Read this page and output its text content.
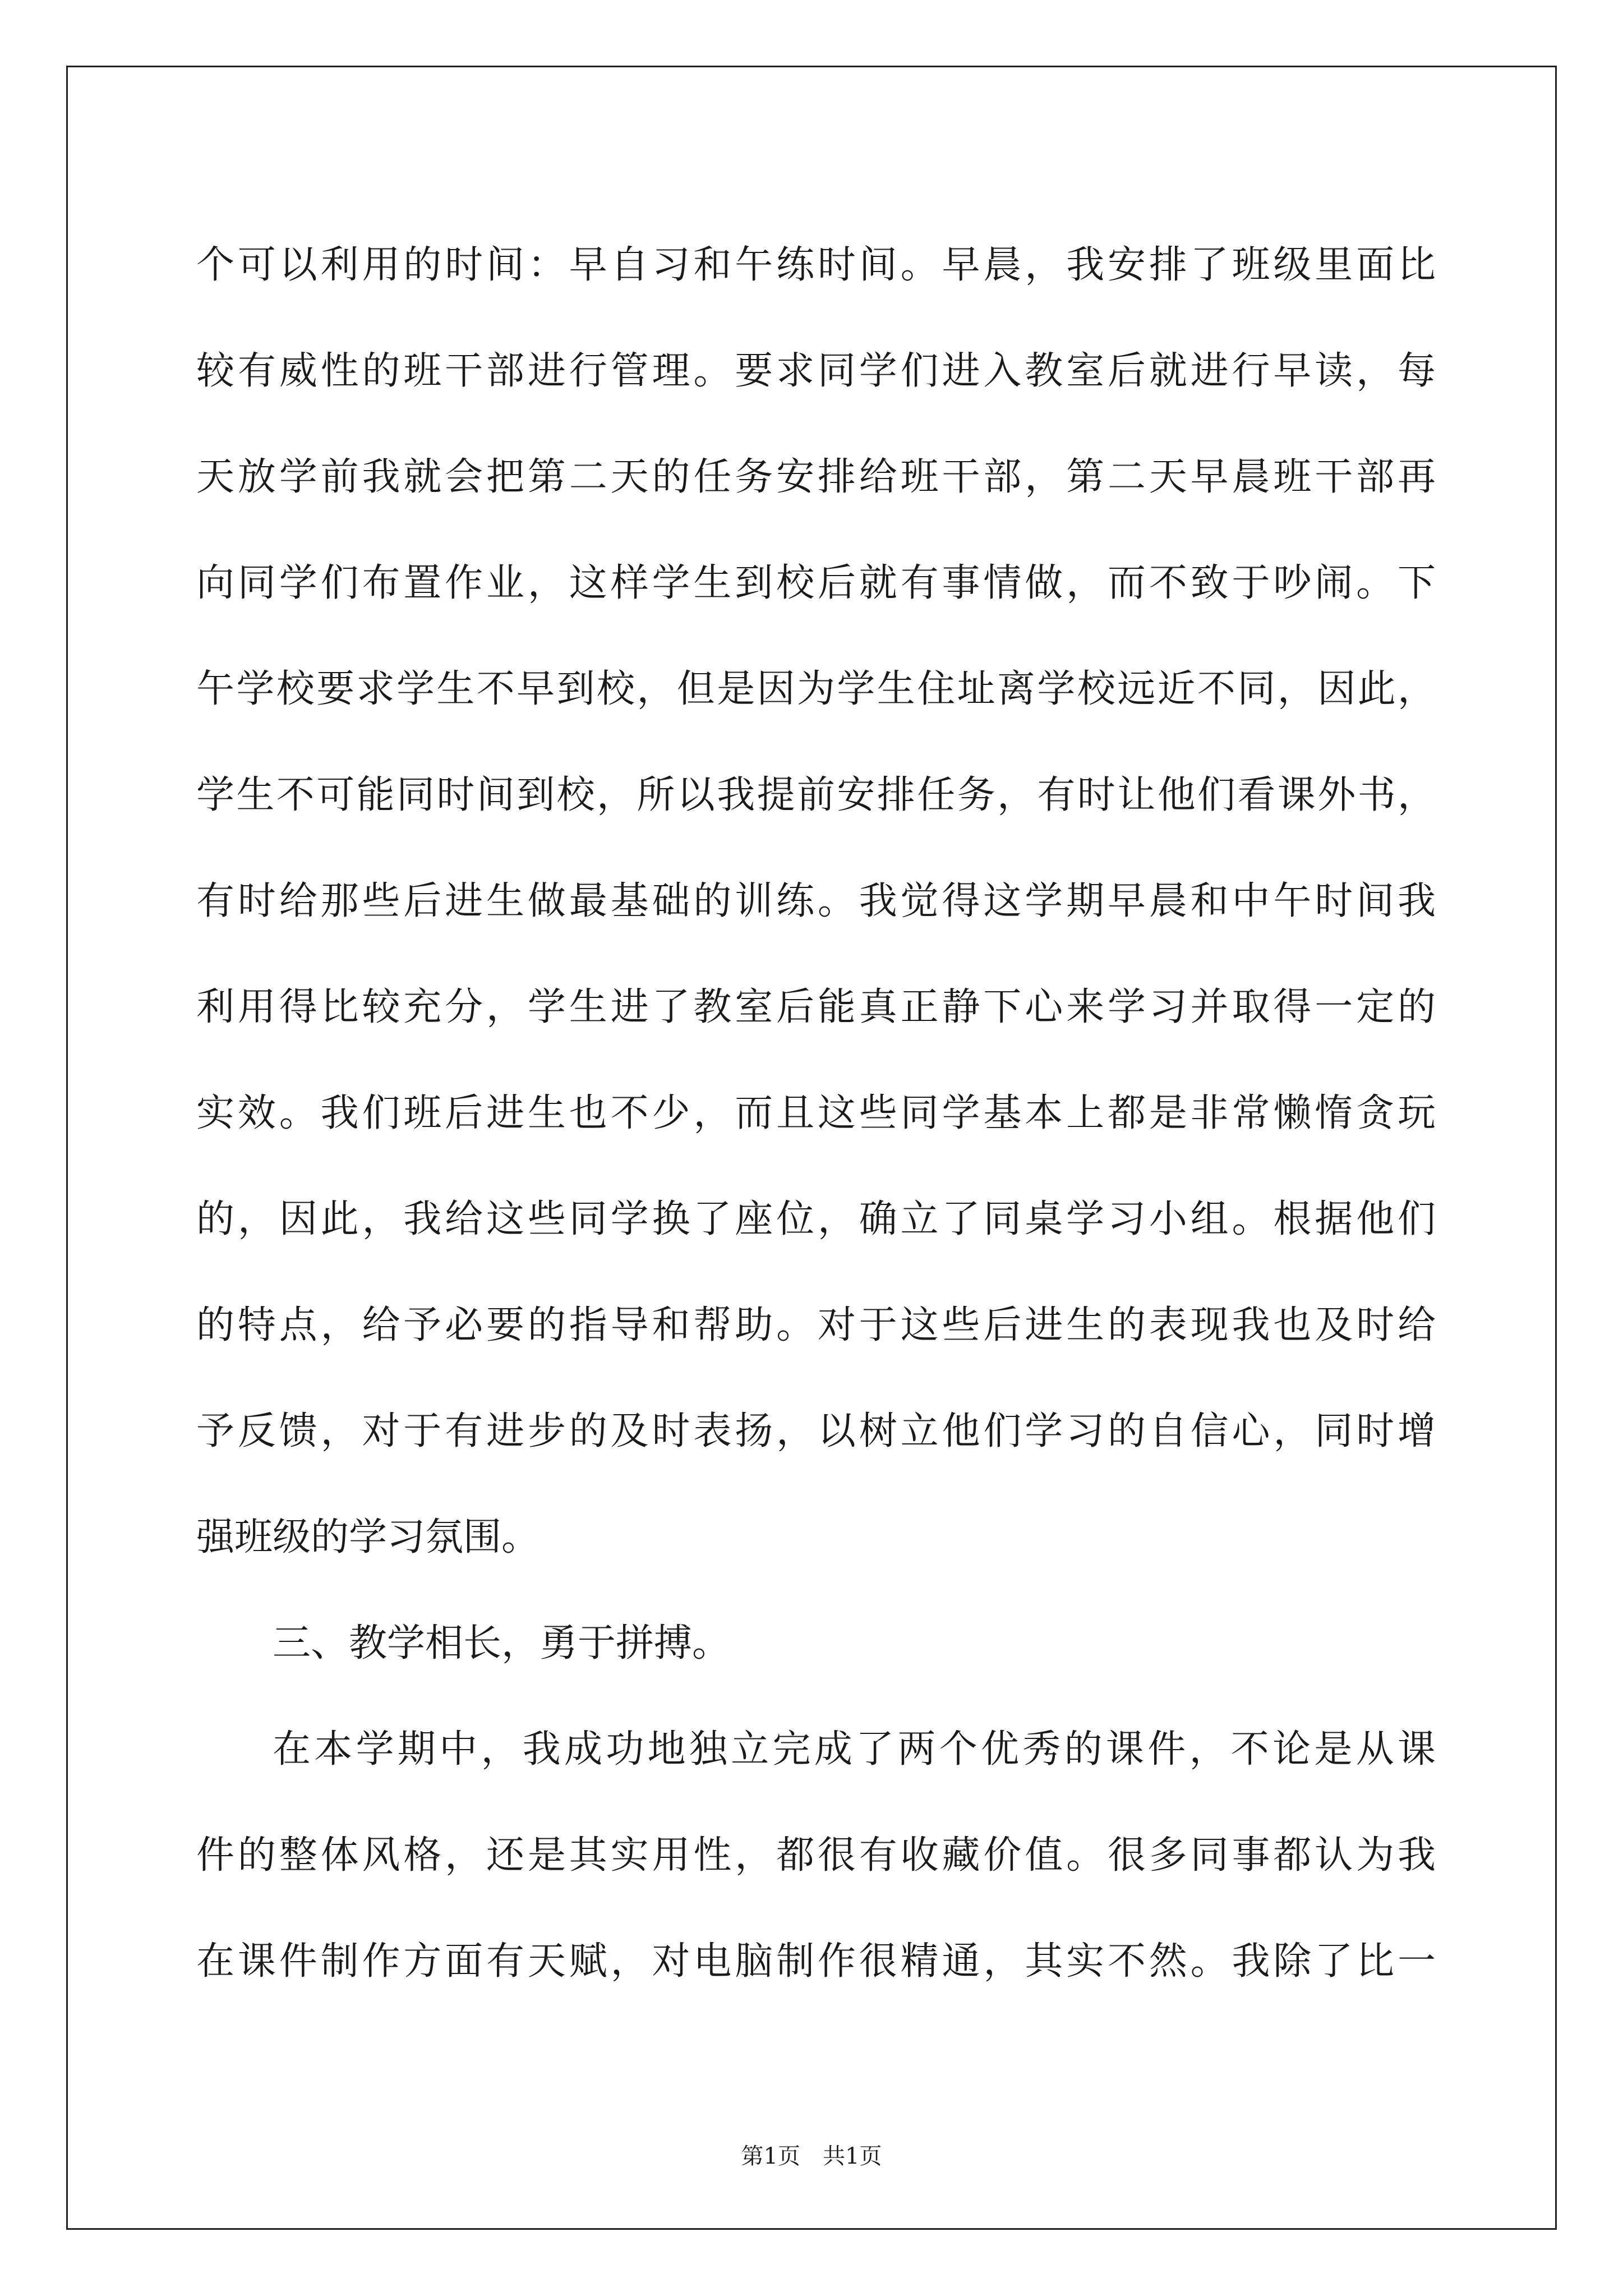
个可以利用的时间：早自习和午练时间。早晨，我安排了班级里面比
较有威性的班干部进行管理。要求同学们进入教室后就进行早读，每
天放学前我就会把第二天的任务安排给班干部，第二天早晨班干部再
向同学们布置作业，这样学生到校后就有事情做，而不致于吵闹。下
午学校要求学生不早到校，但是因为学生住址离学校远近不同，因此，
学生不可能同时间到校，所以我提前安排任务，有时让他们看课外书，
有时给那些后进生做最基础的训练。我觉得这学期早晨和中午时间我
利用得比较充分，学生进了教室后能真正静下心来学习并取得一定的
实效。我们班后进生也不少，而且这些同学基本上都是非常懒惰贪玩
的，因此，我给这些同学换了座位，确立了同桌学习小组。根据他们
的特点，给予必要的指导和帮助。对于这些后进生的表现我也及时给
予反馈，对于有进步的及时表扬，以树立他们学习的自信心，同时增
强班级的学习氛围。
三、教学相长，勇于拼搏。
在本学期中，我成功地独立完成了两个优秀的课件，不论是从课
件的整体风格，还是其实用性，都很有收藏价值。很多同事都认为我
在课件制作方面有天赋，对电脑制作很精通，其实不然。我除了比一
第1页 共1页
